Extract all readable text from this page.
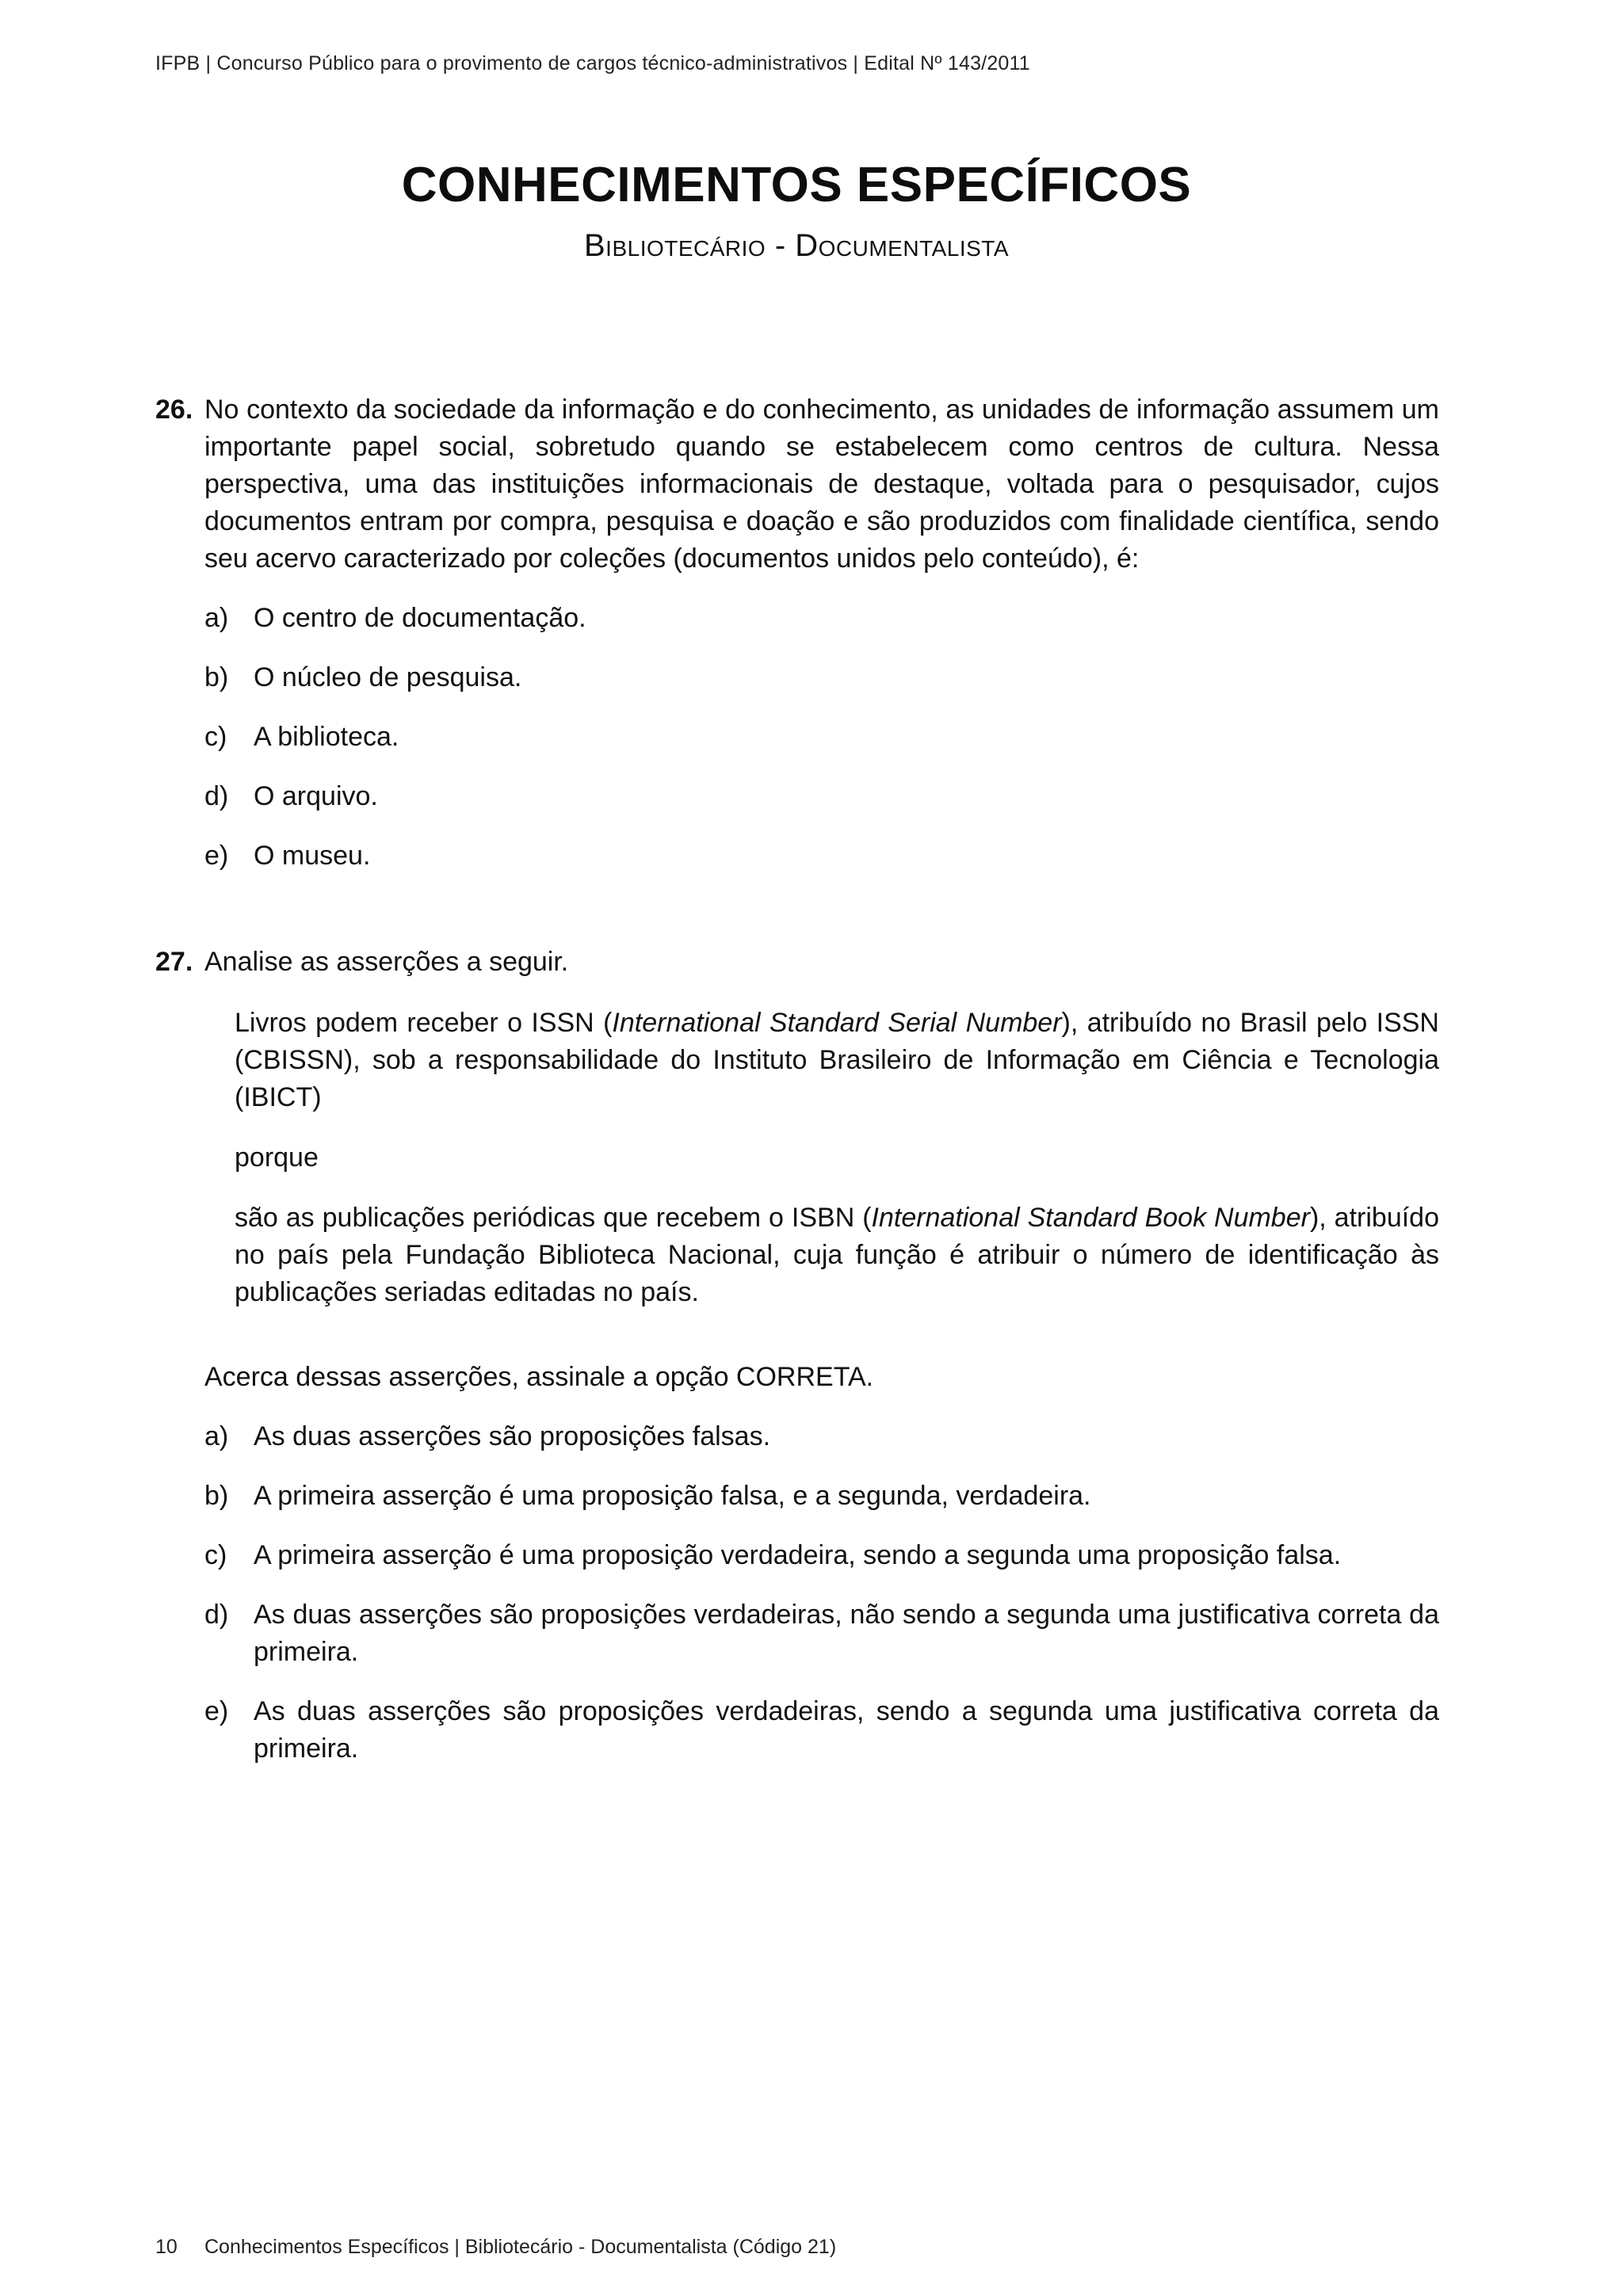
IFPB | Concurso Público para o provimento de cargos técnico-administrativos | Edital Nº 143/2011
CONHECIMENTOS ESPECÍFICOS
Bibliotecário - Documentalista
26. No contexto da sociedade da informação e do conhecimento, as unidades de informação assumem um importante papel social, sobretudo quando se estabelecem como centros de cultura. Nessa perspectiva, uma das instituições informacionais de destaque, voltada para o pesquisador, cujos documentos entram por compra, pesquisa e doação e são produzidos com finalidade científica, sendo seu acervo caracterizado por coleções (documentos unidos pelo conteúdo), é:
a) O centro de documentação.
b) O núcleo de pesquisa.
c) A biblioteca.
d) O arquivo.
e) O museu.
27. Analise as asserções a seguir.
Livros podem receber o ISSN (International Standard Serial Number), atribuído no Brasil pelo ISSN (CBISSN), sob a responsabilidade do Instituto Brasileiro de Informação em Ciência e Tecnologia (IBICT)
porque
são as publicações periódicas que recebem o ISBN (International Standard Book Number), atribuído no país pela Fundação Biblioteca Nacional, cuja função é atribuir o número de identificação às publicações seriadas editadas no país.
Acerca dessas asserções, assinale a opção CORRETA.
a) As duas asserções são proposições falsas.
b) A primeira asserção é uma proposição falsa, e a segunda, verdadeira.
c) A primeira asserção é uma proposição verdadeira, sendo a segunda uma proposição falsa.
d) As duas asserções são proposições verdadeiras, não sendo a segunda uma justificativa correta da primeira.
e) As duas asserções são proposições verdadeiras, sendo a segunda uma justificativa correta da primeira.
10 Conhecimentos Específicos | Bibliotecário - Documentalista (Código 21)
